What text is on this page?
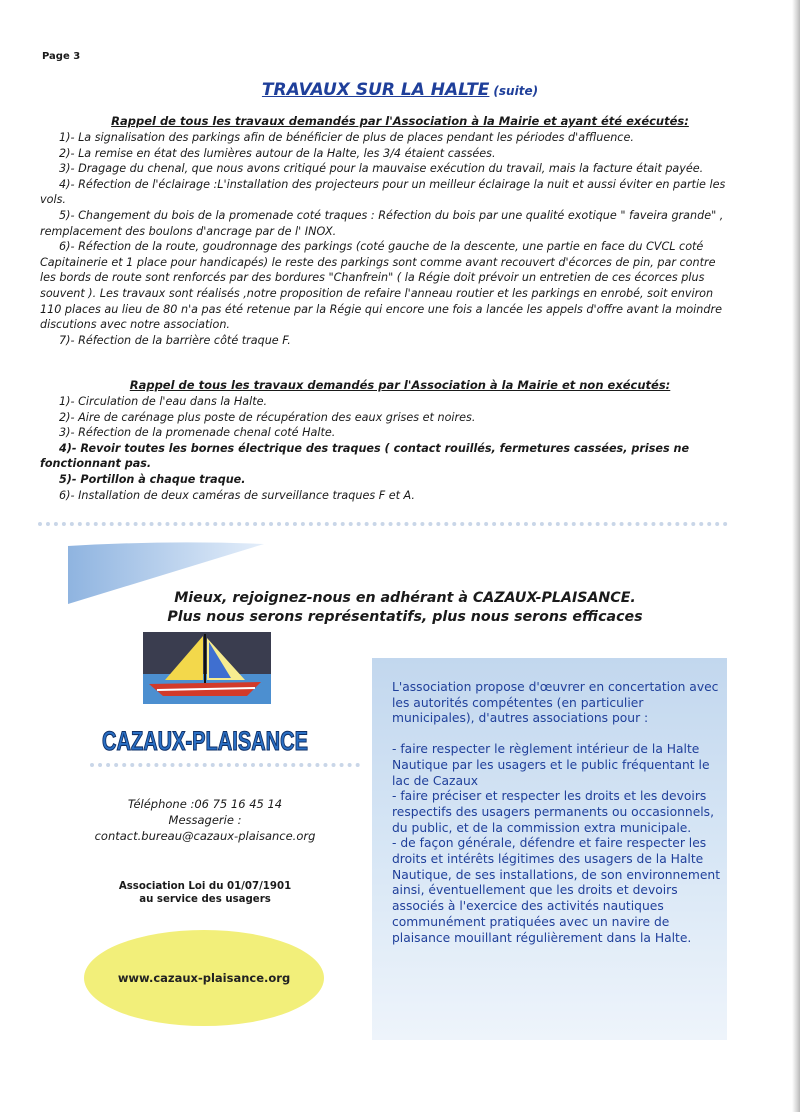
Page 3
TRAVAUX SUR LA HALTE (suite)
Rappel de tous les travaux demandés par l'Association à la Mairie et ayant été exécutés:

1)- La signalisation des parkings afin de bénéficier de plus de places pendant les périodes d'affluence.

2)- La remise en état des lumières autour de la Halte, les 3/4 étaient cassées.

3)- Dragage du chenal, que nous avons critiqué pour la mauvaise exécution du travail, mais la facture était payée.

4)- Réfection de l'éclairage :L'installation des projecteurs pour un meilleur éclairage la nuit et aussi éviter en partie les vols.

5)- Changement du bois de la promenade coté traques : Réfection du bois par une qualité exotique " faveira grande" , remplacement des boulons d'ancrage par de l' INOX.

6)- Réfection de la route, goudronnage des parkings (coté gauche de la descente, une partie en face du CVCL coté Capitainerie et 1 place pour handicapés) le reste des parkings sont comme avant recouvert d'écorces de pin, par contre les bords de route sont renforcés par des bordures "Chanfrein" ( la Régie doit prévoir un entretien de ces écorces plus souvent ). Les travaux sont réalisés ,notre proposition de refaire l'anneau routier et les parkings en enrobé, soit environ 110 places au lieu de 80 n'a pas été retenue par la Régie qui encore une fois a lancée les appels d'offre avant la moindre discutions avec notre association.

7)- Réfection de la barrière côté traque F.

Rappel de tous les travaux demandés par l'Association à la Mairie et non exécutés:

1)- Circulation de l'eau dans la Halte.

2)- Aire de carénage plus poste de récupération des eaux grises et noires.

3)- Réfection de la promenade chenal coté Halte.

4)- Revoir toutes les bornes électrique des traques ( contact rouillés, fermetures cassées, prises ne fonctionnant pas.

5)- Portillon à chaque traque.

6)- Installation de deux caméras de surveillance traques F et A.

Mieux, rejoignez-nous en adhérant à CAZAUX-PLAISANCE.
Plus nous serons représentatifs, plus nous serons efficaces
CAZAUX-PLAISANCE
Téléphone :06 75 16 45 14
Messagerie :
contact.bureau@cazaux-plaisance.org
Association Loi du 01/07/1901
au service des usagers
www.cazaux-plaisance.org

L'association propose d'œuvrer en concertation avec les autorités compétentes (en particulier municipales), d'autres associations pour :

- faire respecter le règlement intérieur de la Halte Nautique par les usagers et le public fréquentant le lac de Cazaux

- faire préciser et respecter les droits et les devoirs respectifs des usagers permanents ou occasionnels, du public, et de la commission extra municipale.

- de façon générale, défendre et faire respecter les droits et intérêts légitimes des usagers de la Halte Nautique, de ses installations, de son environnement ainsi, éventuellement que les droits et devoirs associés à l'exercice des activités nautiques communément pratiquées avec un navire de plaisance mouillant régulièrement dans la Halte.
